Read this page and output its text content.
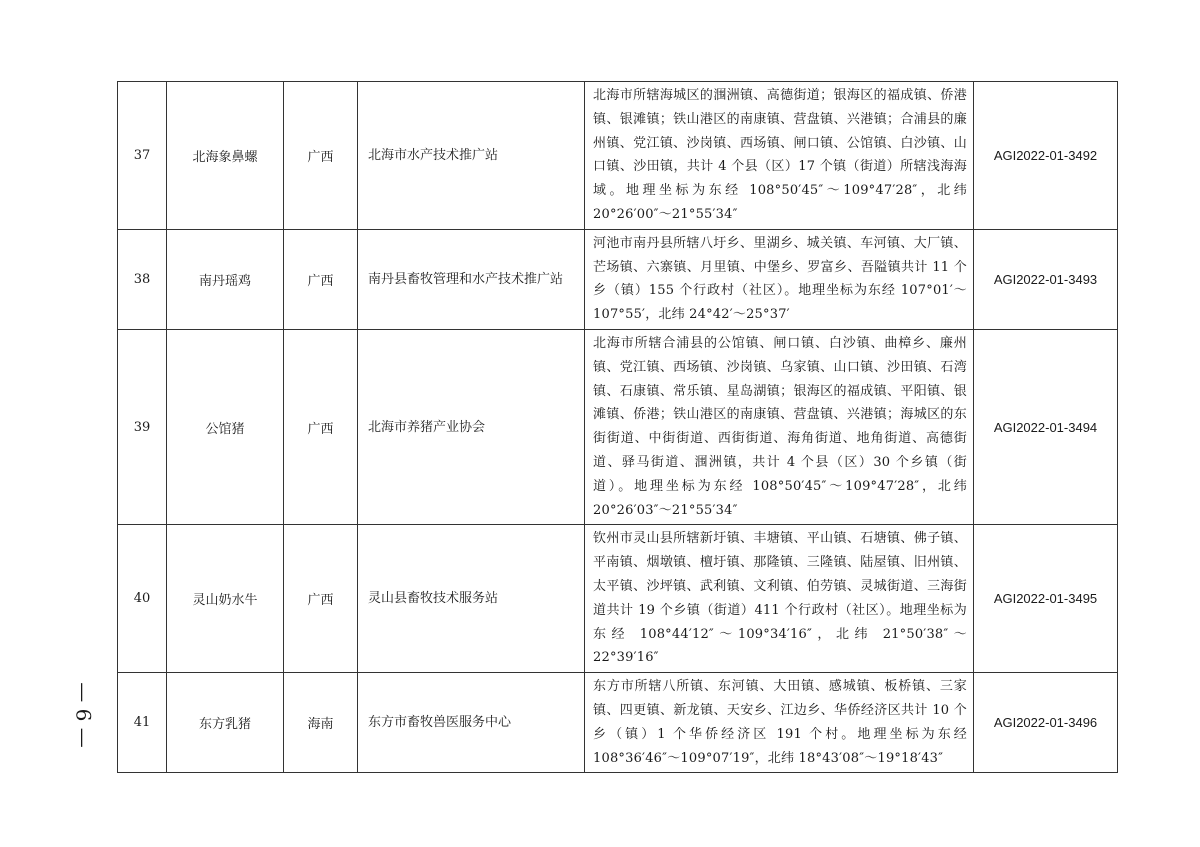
37	北海象鼻螺	广西	北海市水产技术推广站	北海市所辖海城区的涠洲镇、高德街道；银海区的福成镇、侨港镇、银滩镇；铁山港区的南康镇、营盘镇、兴港镇；合浦县的廉州镇、党江镇、沙岗镇、西场镇、闸口镇、公馆镇、白沙镇、山口镇、沙田镇，共计 4 个县（区）17 个镇（街道）所辖浅海海域。地理坐标为东经 108°50′45″～109°47′28″，北纬 20°26′00″～21°55′34″	AGI2022-01-3492
38	南丹瑶鸡	广西	南丹县畜牧管理和水产技术推广站	河池市南丹县所辖八圩乡、里湖乡、城关镇、车河镇、大厂镇、芒场镇、六寨镇、月里镇、中堡乡、罗富乡、吾隘镇共计 11 个乡（镇）155 个行政村（社区）。地理坐标为东经 107°01′～107°55′，北纬 24°42′～25°37′	AGI2022-01-3493
39	公馆猪	广西	北海市养猪产业协会	北海市所辖合浦县的公馆镇、闸口镇、白沙镇、曲樟乡、廉州镇、党江镇、西场镇、沙岗镇、乌家镇、山口镇、沙田镇、石湾镇、石康镇、常乐镇、星岛湖镇；银海区的福成镇、平阳镇、银滩镇、侨港；铁山港区的南康镇、营盘镇、兴港镇；海城区的东街街道、中街街道、西街街道、海角街道、地角街道、高德街道、驿马街道、涠洲镇，共计 4 个县（区）30 个乡镇（街道）。地理坐标为东经 108°50′45″～109°47′28″，北纬 20°26′03″～21°55′34″	AGI2022-01-3494
40	灵山奶水牛	广西	灵山县畜牧技术服务站	钦州市灵山县所辖新圩镇、丰塘镇、平山镇、石塘镇、佛子镇、平南镇、烟墩镇、檀圩镇、那隆镇、三隆镇、陆屋镇、旧州镇、太平镇、沙坪镇、武利镇、文利镇、伯劳镇、灵城街道、三海街道共计 19 个乡镇（街道）411 个行政村（社区）。地理坐标为东经 108°44′12″～109°34′16″，北纬 21°50′38″～22°39′16″	AGI2022-01-3495
41	东方乳猪	海南	东方市畜牧兽医服务中心	东方市所辖八所镇、东河镇、大田镇、感城镇、板桥镇、三家镇、四更镇、新龙镇、天安乡、江边乡、华侨经济区共计 10 个乡（镇）1 个华侨经济区 191 个村。地理坐标为东经 108°36′46″～109°07′19″，北纬 18°43′08″～19°18′43″	AGI2022-01-3496
— 6 —
